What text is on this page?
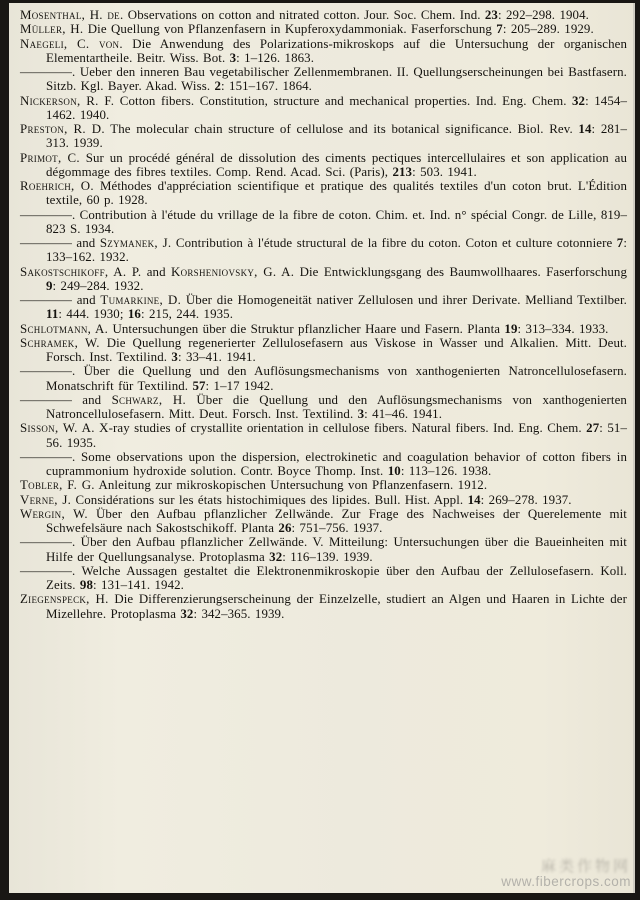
Mosenthal, H. de. Observations on cotton and nitrated cotton. Jour. Soc. Chem. Ind. 23: 292–298. 1904.

Müller, H. Die Quellung von Pflanzenfasern in Kupferoxydammoniak. Faserforschung 7: 205–289. 1929.

Naegeli, C. von. Die Anwendung des Polarizations-mikroskops auf die Untersuchung der organischen Elementartheile. Beitr. Wiss. Bot. 3: 1–126. 1863.

————. Ueber den inneren Bau vegetabilischer Zellenmembranen. II. Quellungserscheinungen bei Bastfasern. Sitzb. Kgl. Bayer. Akad. Wiss. 2: 151–167. 1864.

Nickerson, R. F. Cotton fibers. Constitution, structure and mechanical properties. Ind. Eng. Chem. 32: 1454–1462. 1940.

Preston, R. D. The molecular chain structure of cellulose and its botanical significance. Biol. Rev. 14: 281–313. 1939.

Primot, C. Sur un procédé général de dissolution des ciments pectiques intercellulaires et son application au dégommage des fibres textiles. Comp. Rend. Acad. Sci. (Paris), 213: 503. 1941.

Roehrich, O. Méthodes d'appréciation scientifique et pratique des qualités textiles d'un coton brut. L'Édition textile, 60 p. 1928.

————. Contribution à l'étude du vrillage de la fibre de coton. Chim. et. Ind. n° spécial Congr. de Lille, 819–823 S. 1934.

———— and Szymanek, J. Contribution à l'étude structural de la fibre du coton. Coton et culture cotonniere 7: 133–162. 1932.

Sakostschikoff, A. P. and Korsheniovsky, G. A. Die Entwicklungsgang des Baumwollhaares. Faserforschung 9: 249–284. 1932.

———— and Tumarkine, D. Über die Homogeneität nativer Zellulosen und ihrer Derivate. Melliand Textilber. 11: 444. 1930; 16: 215, 244. 1935.

Schlotmann, A. Untersuchungen über die Struktur pflanzlicher Haare und Fasern. Planta 19: 313–334. 1933.

Schramek, W. Die Quellung regenerierter Zellulosefasern aus Viskose in Wasser und Alkalien. Mitt. Deut. Forsch. Inst. Textilind. 3: 33–41. 1941.

————. Über die Quellung und den Auflösungsmechanisms von xanthogenierten Natroncellulosefasern. Monatschrift für Textilind. 57: 1–17 1942.

———— and Schwarz, H. Über die Quellung und den Auflösungsmechanisms von xanthogenierten Natroncellulosefasern. Mitt. Deut. Forsch. Inst. Textilind. 3: 41–46. 1941.

Sisson, W. A. X-ray studies of crystallite orientation in cellulose fibers. Natural fibers. Ind. Eng. Chem. 27: 51–56. 1935.

————. Some observations upon the dispersion, electrokinetic and coagulation behavior of cotton fibers in cuprammonium hydroxide solution. Contr. Boyce Thomp. Inst. 10: 113–126. 1938.

Tobler, F. G. Anleitung zur mikroskopischen Untersuchung von Pflanzenfasern. 1912.

Verne, J. Considérations sur les états histochimiques des lipides. Bull. Hist. Appl. 14: 269–278. 1937.

Wergin, W. Über den Aufbau pflanzlicher Zellwände. Zur Frage des Nachweises der Querelemente mit Schwefelsäure nach Sakostschikoff. Planta 26: 751–756. 1937.

————. Über den Aufbau pflanzlicher Zellwände. V. Mitteilung: Untersuchungen über die Baueinheiten mit Hilfe der Quellungsanalyse. Protoplasma 32: 116–139. 1939.

————. Welche Aussagen gestaltet die Elektronenmikroskopie über den Aufbau der Zellulosefasern. Koll. Zeits. 98: 131–141. 1942.

Ziegenspeck, H. Die Differenzierungserscheinung der Einzelzelle, studiert an Algen und Haaren in Lichte der Mizellehre. Protoplasma 32: 342–365. 1939.

麻类作物网
www.fibercrops.com
